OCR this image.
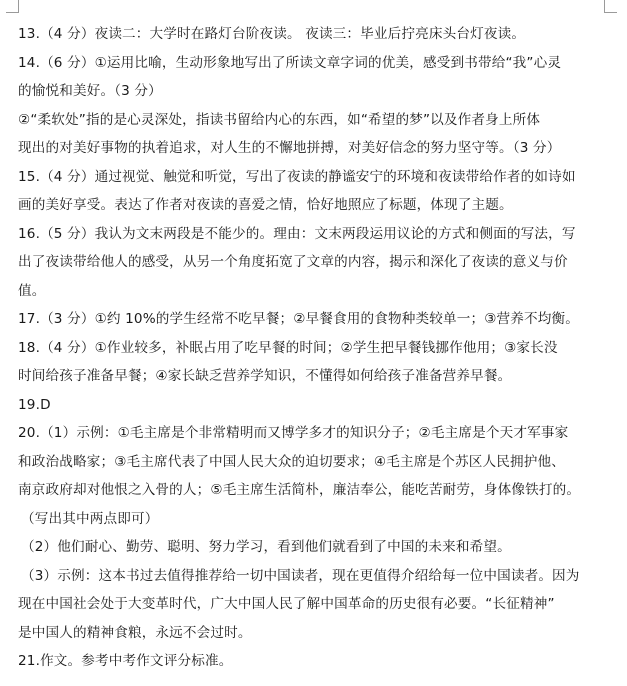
13.（4 分）夜读二：大学时在路灯台阶夜读。 夜读三：毕业后拧亮床头台灯夜读。
14.（6 分）①运用比喻，生动形象地写出了所读文章字词的优美，感受到书带给“我”心灵
的愉悦和美好。（3 分）
②“柔软处”指的是心灵深处，指读书留给内心的东西，如“希望的梦”以及作者身上所体
现出的对美好事物的执着追求，对人生的不懈地拼搏，对美好信念的努力坚守等。（3 分）
15.（4 分）通过视觉、触觉和听觉，写出了夜读的静谧安宁的环境和夜读带给作者的如诗如
画的美好享受。表达了作者对夜读的喜爱之情，恰好地照应了标题，体现了主题。
16.（5 分）我认为文末两段是不能少的。理由：文末两段运用议论的方式和侧面的写法，写
出了夜读带给他人的感受，从另一个角度拓宽了文章的内容，揭示和深化了夜读的意义与价
值。
17.（3 分）①约 10%的学生经常不吃早餐；②早餐食用的食物种类较单一；③营养不均衡。
18.（4 分）①作业较多，补眠占用了吃早餐的时间；②学生把早餐钱挪作他用；③家长没
时间给孩子准备早餐；④家长缺乏营养学知识，不懂得如何给孩子准备营养早餐。
19.D
20.（1）示例：①毛主席是个非常精明而又博学多才的知识分子；②毛主席是个天才军事家
和政治战略家；③毛主席代表了中国人民大众的迫切要求；④毛主席是个苏区人民拥护他、
南京政府却对他恨之入骨的人；⑤毛主席生活简朴，廉洁奉公，能吃苦耐劳，身体像铁打的。
（写出其中两点即可）
（2）他们耐心、勤劳、聪明、努力学习，看到他们就看到了中国的未来和希望。
（3）示例：这本书过去值得推荐给一切中国读者，现在更值得介绍给每一位中国读者。因为
现在中国社会处于大变革时代，广大中国人民了解中国革命的历史很有必要。“长征精神”
是中国人的精神食粮，永远不会过时。
21.作文。参考中考作文评分标准。
